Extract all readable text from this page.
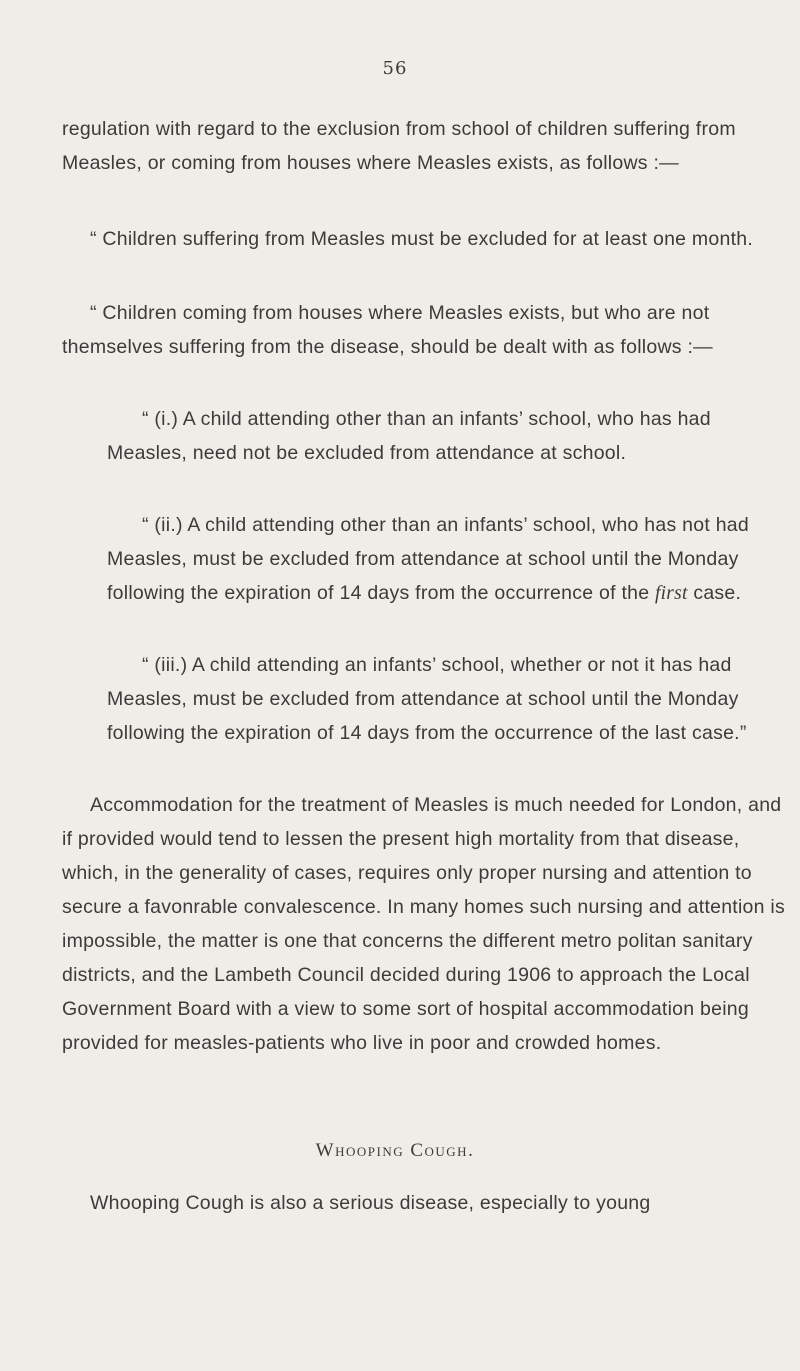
56

regulation with regard to the exclusion from school of children suffering from Measles, or coming from houses where Measles exists, as follows :—

“ Children suffering from Measles must be excluded for at least one month.

“ Children coming from houses where Measles exists, but who are not themselves suffering from the disease, should be dealt with as follows :—

“ (i.) A child attending other than an infants’ school, who has had Measles, need not be excluded from attendance at school.

“ (ii.) A child attending other than an infants’ school, who has not had Measles, must be excluded from attendance at school until the Monday following the expiration of 14 days from the occurrence of the first case.

“ (iii.) A child attending an infants’ school, whether or not it has had Measles, must be excluded from attendance at school until the Monday following the expiration of 14 days from the occurrence of the last case.”

Accommodation for the treatment of Measles is much needed for London, and if provided would tend to lessen the present high mortality from that disease, which, in the generality of cases, requires only proper nursing and attention to secure a favonrable convalescence. In many homes such nursing and attention is impossible, the matter is one that concerns the different metro politan sanitary districts, and the Lambeth Council decided during 1906 to approach the Local Government Board with a view to some sort of hospital accommodation being provided for measles-patients who live in poor and crowded homes.

Whooping Cough.

Whooping Cough is also a serious disease, especially to young
